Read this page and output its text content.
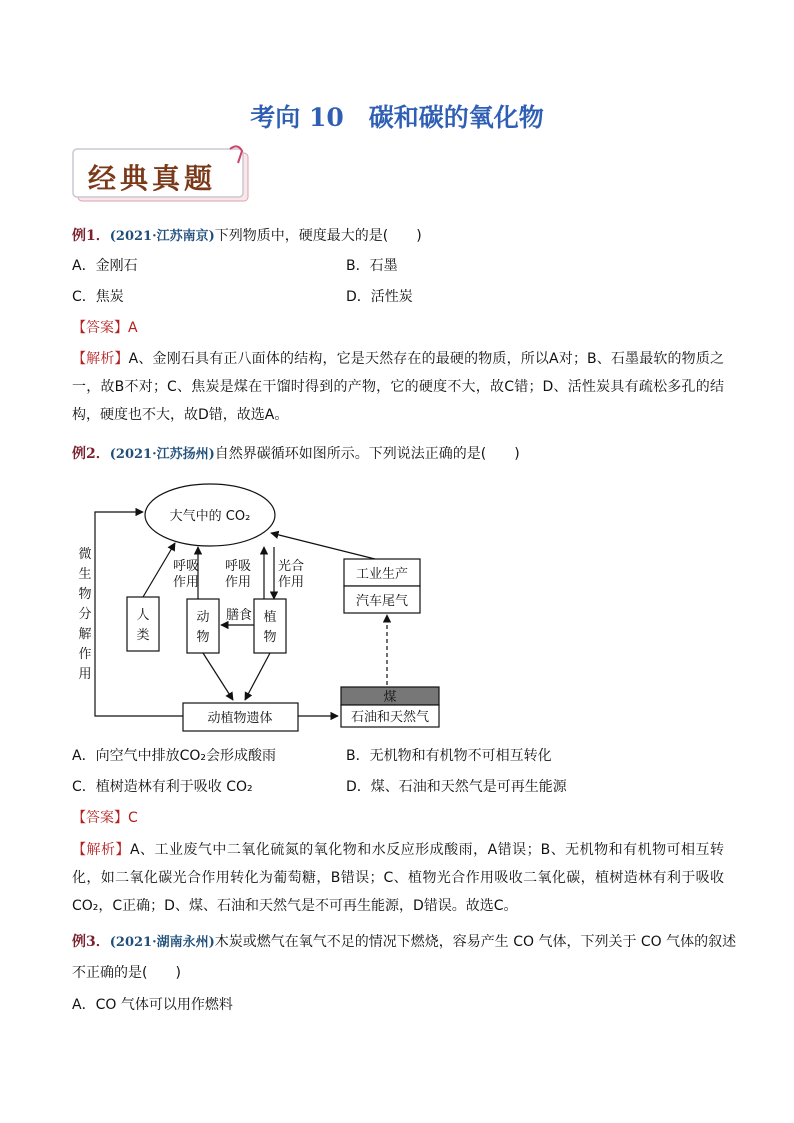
考向 10　碳和碳的氧化物
经典真题
例1．(2021·江苏南京)下列物质中，硬度最大的是(　　)
A．金刚石	B．石墨
C．焦炭	D．活性炭
【答案】A
【解析】A、金刚石具有正八面体的结构，它是天然存在的最硬的物质，所以A对；B、石墨最软的物质之一，故B不对；C、焦炭是煤在干馏时得到的产物，它的硬度不大，故C错；D、活性炭具有疏松多孔的结构，硬度也不大，故D错，故选A。
例2．(2021·江苏扬州)自然界碳循环如图所示。下列说法正确的是(　　)
大气中的 CO₂
微
生
物
分
解
作
用
人
类
动
物
呼吸
作用
植
物
呼吸
作用
光合
作用
膳食
动植物遗体
煤
石油和天然气
工业生产
汽车尾气
A．向空气中排放CO₂会形成酸雨	B．无机物和有机物不可相互转化
C．植树造林有利于吸收 CO₂	D．煤、石油和天然气是可再生能源
【答案】C
【解析】A、工业废气中二氧化硫氮的氧化物和水反应形成酸雨，A错误；B、无机物和有机物可相互转化，如二氧化碳光合作用转化为葡萄糖，B错误；C、植物光合作用吸收二氧化碳，植树造林有利于吸收CO₂，C正确；D、煤、石油和天然气是不可再生能源，D错误。故选C。
例3．(2021·湖南永州)木炭或燃气在氧气不足的情况下燃烧，容易产生 CO 气体，下列关于 CO 气体的叙述
不正确的是(　　)
A．CO 气体可以用作燃料
